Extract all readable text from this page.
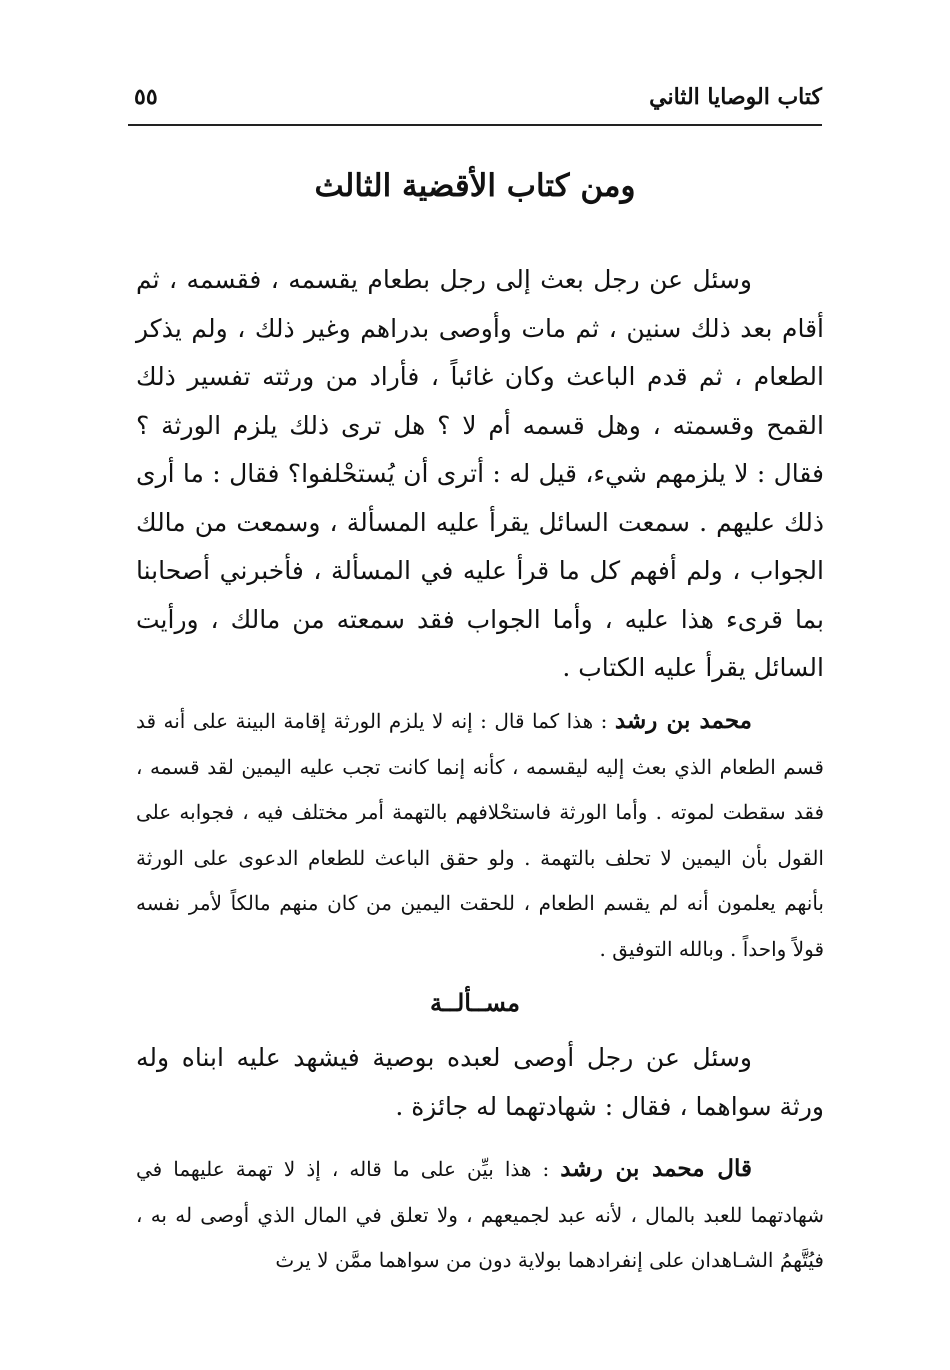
كتاب الوصايا الثاني
٥٥
ومن كتاب الأقضية الثالث

وسئل عن رجل بعث إلى رجل بطعام يقسمه ، فقسمه ، ثم أقام بعد ذلك سنين ، ثم مات وأوصى بدراهم وغير ذلك ، ولم يذكر الطعام ، ثم قدم الباعث وكان غائباً ، فأراد من ورثته تفسير ذلك القمح وقسمته ، وهل قسمه أم لا ؟ هل ترى ذلك يلزم الورثة ؟ فقال : لا يلزمهم شيء، قيل له : أترى أن يُستحْلفوا؟ فقال : ما أرى ذلك عليهم . سمعت السائل يقرأ عليه المسألة ، وسمعت من مالك الجواب ، ولم أفهم كل ما قرأ عليه في المسألة ، فأخبرني أصحابنا بما قرىء هذا عليه ، وأما الجواب فقد سمعته من مالك ، ورأيت السائل يقرأ عليه الكتاب .

محمد بن رشد : هذا كما قال : إنه لا يلزم الورثة إقامة البينة على أنه قد قسم الطعام الذي بعث إليه ليقسمه ، كأنه إنما كانت تجب عليه اليمين لقد قسمه ، فقد سقطت لموته . وأما الورثة فاستحْلافهم بالتهمة أمر مختلف فيه ، فجوابه على القول بأن اليمين لا تحلف بالتهمة . ولو حقق الباعث للطعام الدعوى على الورثة بأنهم يعلمون أنه لم يقسم الطعام ، للحقت اليمين من كان منهم مالكاً لأمر نفسه قولاً واحداً . وبالله التوفيق .

مســألــة

وسئل عن رجل أوصى لعبده بوصية فيشهد عليه ابناه وله ورثة سواهما ، فقال : شهادتهما له جائزة .

قال محمد بن رشد : هذا بيِّن على ما قاله ، إذ لا تهمة عليهما في شهادتهما للعبد بالمال ، لأنه عبد لجميعهم ، ولا تعلق في المال الذي أوصى له به ، فيُتَّهمُ الشـاهدان على إنفرادهما بولاية دون من سواهما ممَّن لا يرث
